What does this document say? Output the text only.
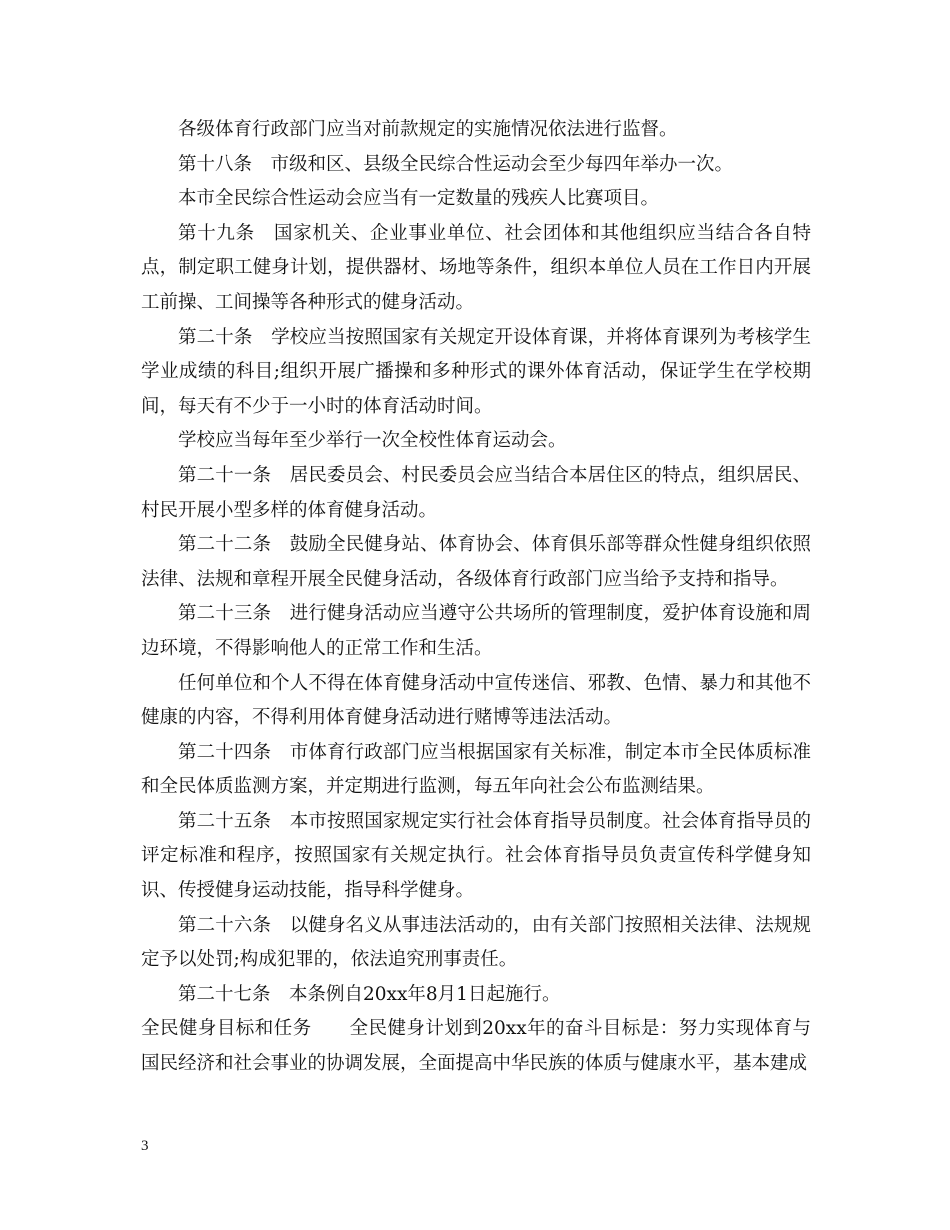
各级体育行政部门应当对前款规定的实施情况依法进行监督。

第十八条　市级和区、县级全民综合性运动会至少每四年举办一次。

本市全民综合性运动会应当有一定数量的残疾人比赛项目。

第十九条　国家机关、企业事业单位、社会团体和其他组织应当结合各自特点，制定职工健身计划，提供器材、场地等条件，组织本单位人员在工作日内开展工前操、工间操等各种形式的健身活动。

第二十条　学校应当按照国家有关规定开设体育课，并将体育课列为考核学生学业成绩的科目;组织开展广播操和多种形式的课外体育活动，保证学生在学校期间，每天有不少于一小时的体育活动时间。

学校应当每年至少举行一次全校性体育运动会。

第二十一条　居民委员会、村民委员会应当结合本居住区的特点，组织居民、村民开展小型多样的体育健身活动。

第二十二条　鼓励全民健身站、体育协会、体育俱乐部等群众性健身组织依照法律、法规和章程开展全民健身活动，各级体育行政部门应当给予支持和指导。

第二十三条　进行健身活动应当遵守公共场所的管理制度，爱护体育设施和周边环境，不得影响他人的正常工作和生活。

任何单位和个人不得在体育健身活动中宣传迷信、邪教、色情、暴力和其他不健康的内容，不得利用体育健身活动进行赌博等违法活动。

第二十四条　市体育行政部门应当根据国家有关标准，制定本市全民体质标准和全民体质监测方案，并定期进行监测，每五年向社会公布监测结果。

第二十五条　本市按照国家规定实行社会体育指导员制度。社会体育指导员的评定标准和程序，按照国家有关规定执行。社会体育指导员负责宣传科学健身知识、传授健身运动技能，指导科学健身。

第二十六条　以健身名义从事违法活动的，由有关部门按照相关法律、法规规定予以处罚;构成犯罪的，依法追究刑事责任。

第二十七条　本条例自20xx年8月1日起施行。

全民健身目标和任务　　全民健身计划到20xx年的奋斗目标是：努力实现体育与国民经济和社会事业的协调发展，全面提高中华民族的体质与健康水平，基本建成

3
